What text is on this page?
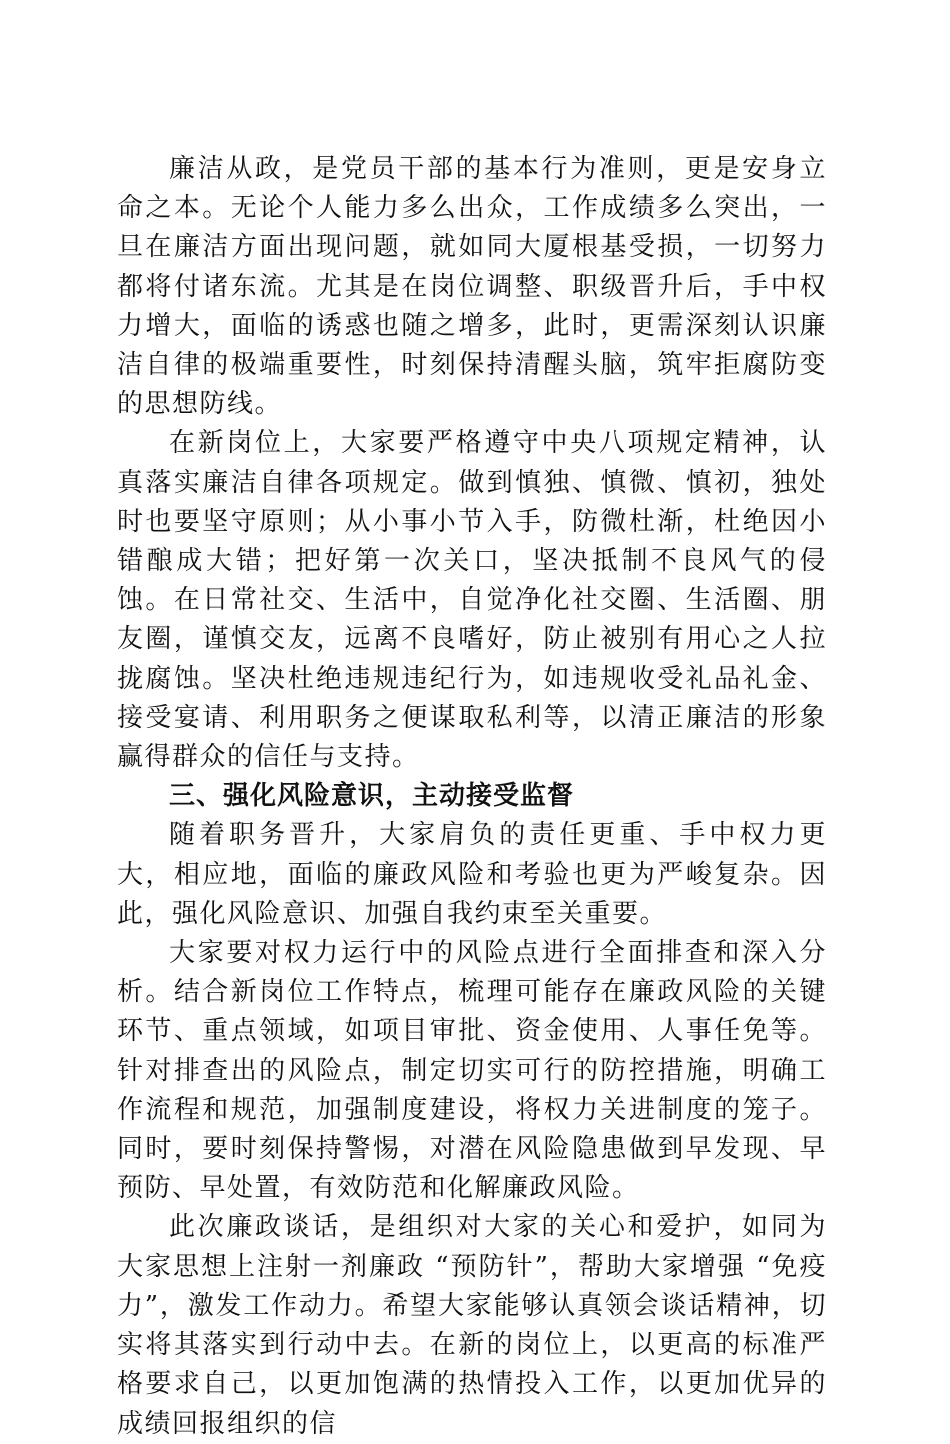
廉洁从政，是党员干部的基本行为准则，更是安身立命之本。无论个人能力多么出众，工作成绩多么突出，一旦在廉洁方面出现问题，就如同大厦根基受损，一切努力都将付诸东流。尤其是在岗位调整、职级晋升后，手中权力增大，面临的诱惑也随之增多，此时，更需深刻认识廉洁自律的极端重要性，时刻保持清醒头脑，筑牢拒腐防变的思想防线。

在新岗位上，大家要严格遵守中央八项规定精神，认真落实廉洁自律各项规定。做到慎独、慎微、慎初，独处时也要坚守原则；从小事小节入手，防微杜渐，杜绝因小错酿成大错；把好第一次关口，坚决抵制不良风气的侵蚀。在日常社交、生活中，自觉净化社交圈、生活圈、朋友圈，谨慎交友，远离不良嗜好，防止被别有用心之人拉拢腐蚀。坚决杜绝违规违纪行为，如违规收受礼品礼金、接受宴请、利用职务之便谋取私利等，以清正廉洁的形象赢得群众的信任与支持。

三、强化风险意识，主动接受监督

随着职务晋升，大家肩负的责任更重、手中权力更大，相应地，面临的廉政风险和考验也更为严峻复杂。因此，强化风险意识、加强自我约束至关重要。

大家要对权力运行中的风险点进行全面排查和深入分析。结合新岗位工作特点，梳理可能存在廉政风险的关键环节、重点领域，如项目审批、资金使用、人事任免等。针对排查出的风险点，制定切实可行的防控措施，明确工作流程和规范，加强制度建设，将权力关进制度的笼子。同时，要时刻保持警惕，对潜在风险隐患做到早发现、早预防、早处置，有效防范和化解廉政风险。

此次廉政谈话，是组织对大家的关心和爱护，如同为大家思想上注射一剂廉政 “预防针”，帮助大家增强 “免疫力”，激发工作动力。希望大家能够认真领会谈话精神，切实将其落实到行动中去。在新的岗位上，以更高的标准严格要求自己，以更加饱满的热情投入工作，以更加优异的成绩回报组织的信
